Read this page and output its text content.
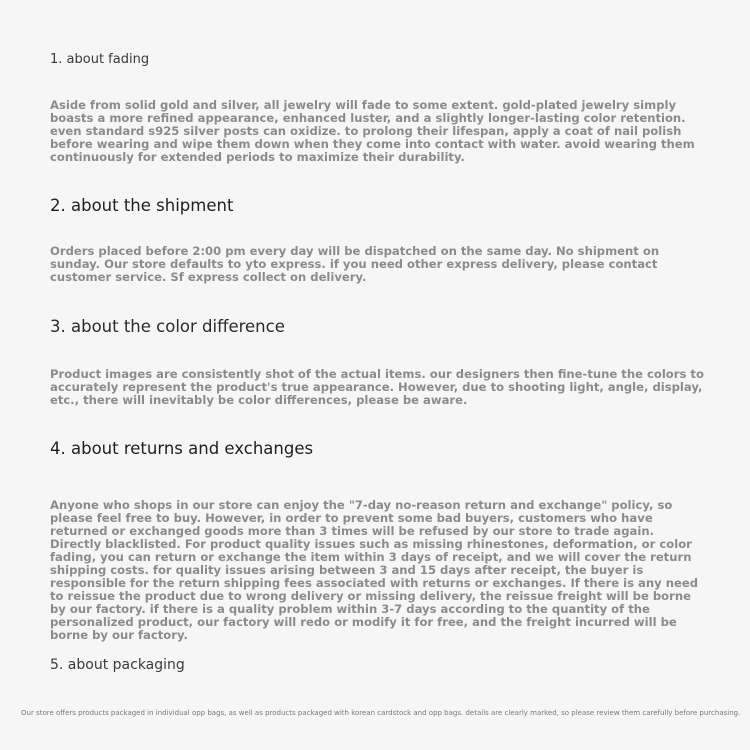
1. about fading

Aside from solid gold and silver, all jewelry will fade to some extent. gold-plated jewelry simply boasts a more refined appearance, enhanced luster, and a slightly longer-lasting color retention. even standard s925 silver posts can oxidize. to prolong their lifespan, apply a coat of nail polish before wearing and wipe them down when they come into contact with water. avoid wearing them continuously for extended periods to maximize their durability.

2. about the shipment

Orders placed before 2:00 pm every day will be dispatched on the same day. No shipment on sunday. Our store defaults to yto express. if you need other express delivery, please contact customer service. Sf express collect on delivery.

3. about the color difference

Product images are consistently shot of the actual items. our designers then fine-tune the colors to accurately represent the product's true appearance. However, due to shooting light, angle, display, etc., there will inevitably be color differences, please be aware.

4. about returns and exchanges

Anyone who shops in our store can enjoy the "7-day no-reason return and exchange" policy, so please feel free to buy. However, in order to prevent some bad buyers, customers who have returned or exchanged goods more than 3 times will be refused by our store to trade again. Directly blacklisted. For product quality issues such as missing rhinestones, deformation, or color fading, you can return or exchange the item within 3 days of receipt, and we will cover the return shipping costs. for quality issues arising between 3 and 15 days after receipt, the buyer is responsible for the return shipping fees associated with returns or exchanges. If there is any need to reissue the product due to wrong delivery or missing delivery, the reissue freight will be borne by our factory. if there is a quality problem within 3-7 days according to the quantity of the personalized product, our factory will redo or modify it for free, and the freight incurred will be borne by our factory.

5. about packaging

Our store offers products packaged in individual opp bags, as well as products packaged with korean cardstock and opp bags. details are clearly marked, so please review them carefully before purchasing.
